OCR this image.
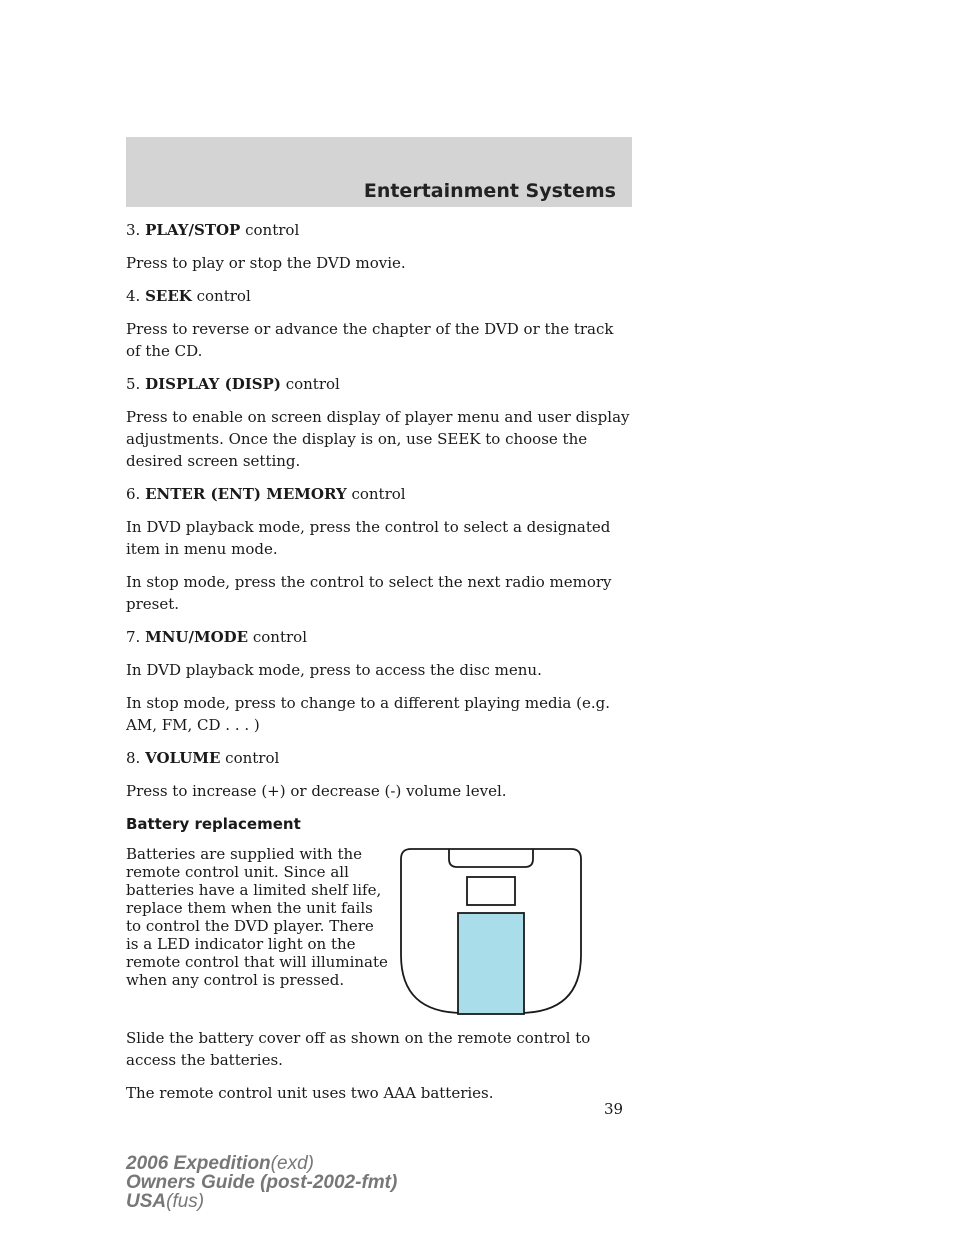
Entertainment Systems

3. PLAY/STOP control

Press to play or stop the DVD movie.

4. SEEK control

Press to reverse or advance the chapter of the DVD or the track of the CD.

5. DISPLAY (DISP) control

Press to enable on screen display of player menu and user display adjustments. Once the display is on, use SEEK to choose the desired screen setting.

6. ENTER (ENT) MEMORY control

In DVD playback mode, press the control to select a designated item in menu mode.

In stop mode, press the control to select the next radio memory preset.

7. MNU/MODE control

In DVD playback mode, press to access the disc menu.

In stop mode, press to change to a different playing media (e.g. AM, FM, CD . . . )

8. VOLUME control

Press to increase (+) or decrease (-) volume level.

Battery replacement

Batteries are supplied with the remote control unit. Since all batteries have a limited shelf life, replace them when the unit fails to control the DVD player. There is a LED indicator light on the remote control that will illuminate when any control is pressed.

Slide the battery cover off as shown on the remote control to access the batteries.

The remote control unit uses two AAA batteries.

39
2006 Expedition(exd)
Owners Guide (post-2002-fmt)
USA(fus)
